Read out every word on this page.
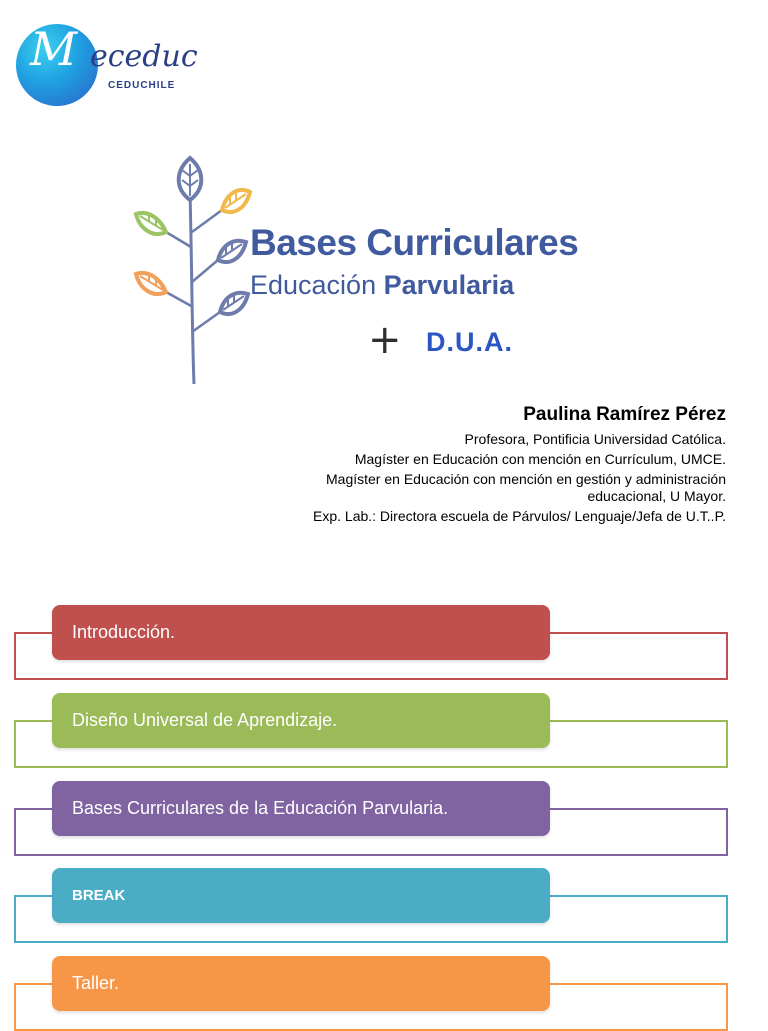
M eceduc
CEDUCHILE
Bases Curriculares
Educación Parvularia
+ D.U.A.
Paulina Ramírez Pérez
Profesora, Pontificia Universidad Católica.
Magíster en Educación con mención en Currículum, UMCE.
Magíster en Educación con mención en gestión y administración
educacional, U Mayor.
Exp. Lab.: Directora escuela de Párvulos/ Lenguaje/Jefa de U.T..P.
Introducción.
Diseño Universal de Aprendizaje.
Bases Curriculares de la Educación Parvularia.
BREAK
Taller.
